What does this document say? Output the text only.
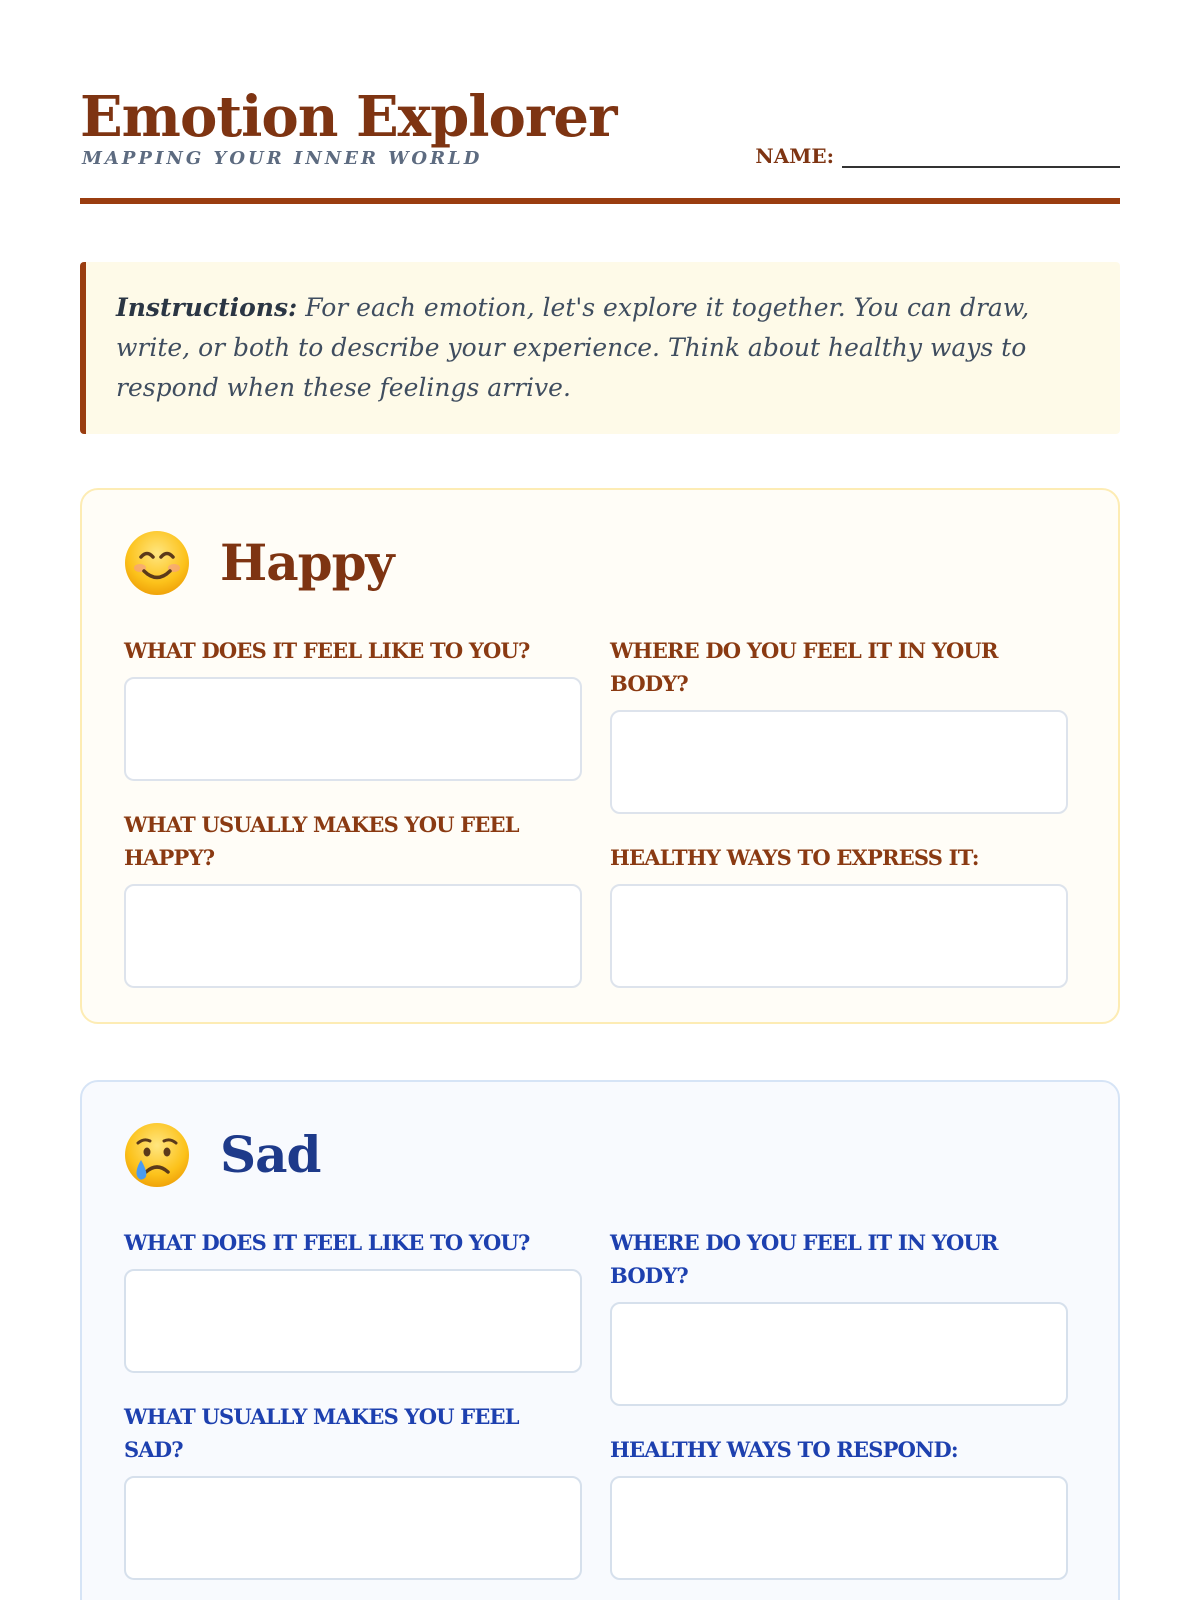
Emotion Explorer
MAPPING YOUR INNER WORLD	NAME:
Instructions: For each emotion, let's explore it together. You can draw, write, or both to describe your experience. Think about healthy ways to respond when these feelings arrive.
Happy
WHAT DOES IT FEEL LIKE TO YOU?	WHERE DO YOU FEEL IT IN YOUR BODY?
WHAT USUALLY MAKES YOU FEEL HAPPY?	HEALTHY WAYS TO EXPRESS IT:
Sad
WHAT DOES IT FEEL LIKE TO YOU?	WHERE DO YOU FEEL IT IN YOUR BODY?
WHAT USUALLY MAKES YOU FEEL SAD?	HEALTHY WAYS TO RESPOND:
